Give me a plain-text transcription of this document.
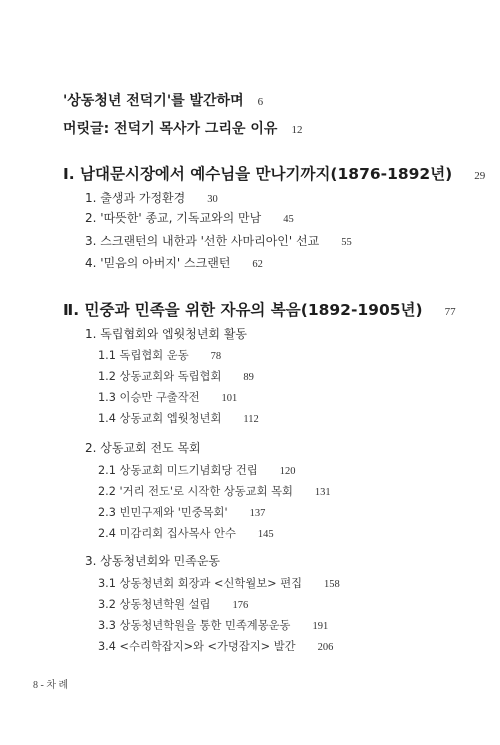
'상동청년 전덕기'를 발간하며 6
머릿글: 전덕기 목사가 그리운 이유 12
Ⅰ. 남대문시장에서 예수님을 만나기까지(1876-1892년) 29
1. 출생과 가정환경 30
2. '따뜻한' 종교, 기독교와의 만남 45
3. 스크랜턴의 내한과 '선한 사마리아인' 선교 55
4. '믿음의 아버지' 스크랜턴 62
Ⅱ. 민중과 민족을 위한 자유의 복음(1892-1905년) 77
1. 독립협회와 엡웟청년회 활동
1.1 독립협회 운동 78
1.2 상동교회와 독립협회 89
1.3 이승만 구출작전 101
1.4 상동교회 엡웟청년회 112
2. 상동교회 전도 목회
2.1 상동교회 미드기념회당 건립 120
2.2 '거리 전도'로 시작한 상동교회 목회 131
2.3 빈민구제와 '민중목회' 137
2.4 미감리회 집사목사 안수 145
3. 상동청년회와 민족운동
3.1 상동청년회 회장과 <신학월보> 편집 158
3.2 상동청년학원 설립 176
3.3 상동청년학원을 통한 민족계몽운동 191
3.4 <수리학잡지>와 <가뎡잡지> 발간 206
8 - 차 례
